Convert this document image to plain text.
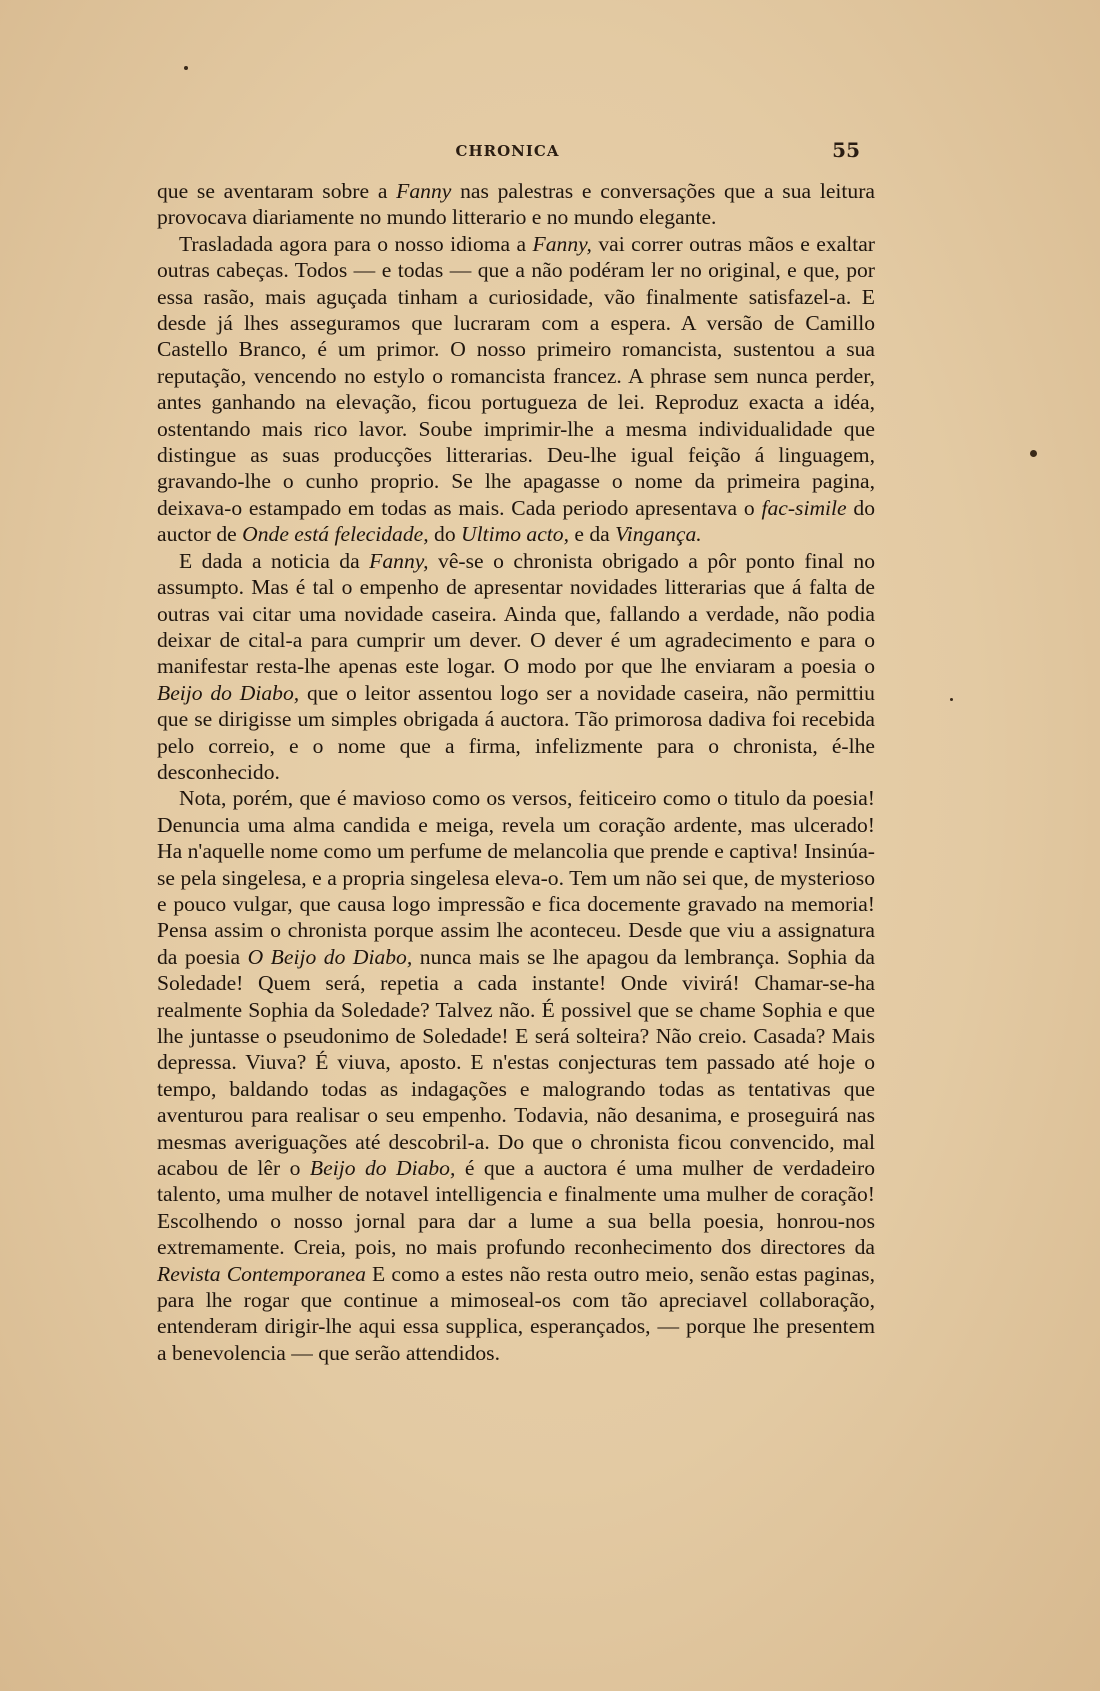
CHRONICA	55

que se aventaram sobre a Fanny nas palestras e conversações que a sua leitura provocava diariamente no mundo litterario e no mundo elegante.

Trasladada agora para o nosso idioma a Fanny, vai correr outras mãos e exaltar outras cabeças. Todos — e todas — que a não podéram ler no original, e que, por essa rasão, mais aguçada tinham a curiosidade, vão finalmente satisfazel-a. E desde já lhes asseguramos que lucraram com a espera. A versão de Camillo Castello Branco, é um primor. O nosso primeiro romancista, sustentou a sua reputação, vencendo no estylo o romancista francez. A phrase sem nunca perder, antes ganhando na elevação, ficou portugueza de lei. Reproduz exacta a idéa, ostentando mais rico lavor. Soube imprimir-lhe a mesma individualidade que distingue as suas producções litterarias. Deu-lhe igual feição á linguagem, gravando-lhe o cunho proprio. Se lhe apagasse o nome da primeira pagina, deixava-o estampado em todas as mais. Cada periodo apresentava o fac-simile do auctor de Onde está felecidade, do Ultimo acto, e da Vingança.

E dada a noticia da Fanny, vê-se o chronista obrigado a pôr ponto final no assumpto. Mas é tal o empenho de apresentar novidades litterarias que á falta de outras vai citar uma novidade caseira. Ainda que, fallando a verdade, não podia deixar de cital-a para cumprir um dever. O dever é um agradecimento e para o manifestar resta-lhe apenas este logar. O modo por que lhe enviaram a poesia o Beijo do Diabo, que o leitor assentou logo ser a novidade caseira, não permittiu que se dirigisse um simples obrigada á auctora. Tão primorosa dadiva foi recebida pelo correio, e o nome que a firma, infelizmente para o chronista, é-lhe desconhecido.

Nota, porém, que é mavioso como os versos, feiticeiro como o titulo da poesia! Denuncia uma alma candida e meiga, revela um coração ardente, mas ulcerado! Ha n'aquelle nome como um perfume de melancolia que prende e captiva! Insinúa-se pela singelesa, e a propria singelesa eleva-o. Tem um não sei que, de mysterioso e pouco vulgar, que causa logo impressão e fica docemente gravado na memoria! Pensa assim o chronista porque assim lhe aconteceu. Desde que viu a assignatura da poesia O Beijo do Diabo, nunca mais se lhe apagou da lembrança. Sophia da Soledade! Quem será, repetia a cada instante! Onde vivirá! Chamar-se-ha realmente Sophia da Soledade? Talvez não. É possivel que se chame Sophia e que lhe juntasse o pseudonimo de Soledade! E será solteira? Não creio. Casada? Mais depressa. Viuva? É viuva, aposto. E n'estas conjecturas tem passado até hoje o tempo, baldando todas as indagações e malogrando todas as tentativas que aventurou para realisar o seu empenho. Todavia, não desanima, e proseguirá nas mesmas averiguações até descobril-a. Do que o chronista ficou convencido, mal acabou de lêr o Beijo do Diabo, é que a auctora é uma mulher de verdadeiro talento, uma mulher de notavel intelligencia e finalmente uma mulher de coração! Escolhendo o nosso jornal para dar a lume a sua bella poesia, honrou-nos extremamente. Creia, pois, no mais profundo reconhecimento dos directores da Revista Contemporanea E como a estes não resta outro meio, senão estas paginas, para lhe rogar que continue a mimoseal-os com tão apreciavel collaboração, entenderam dirigir-lhe aqui essa supplica, esperançados, — porque lhe presentem a benevolencia — que serão attendidos.
